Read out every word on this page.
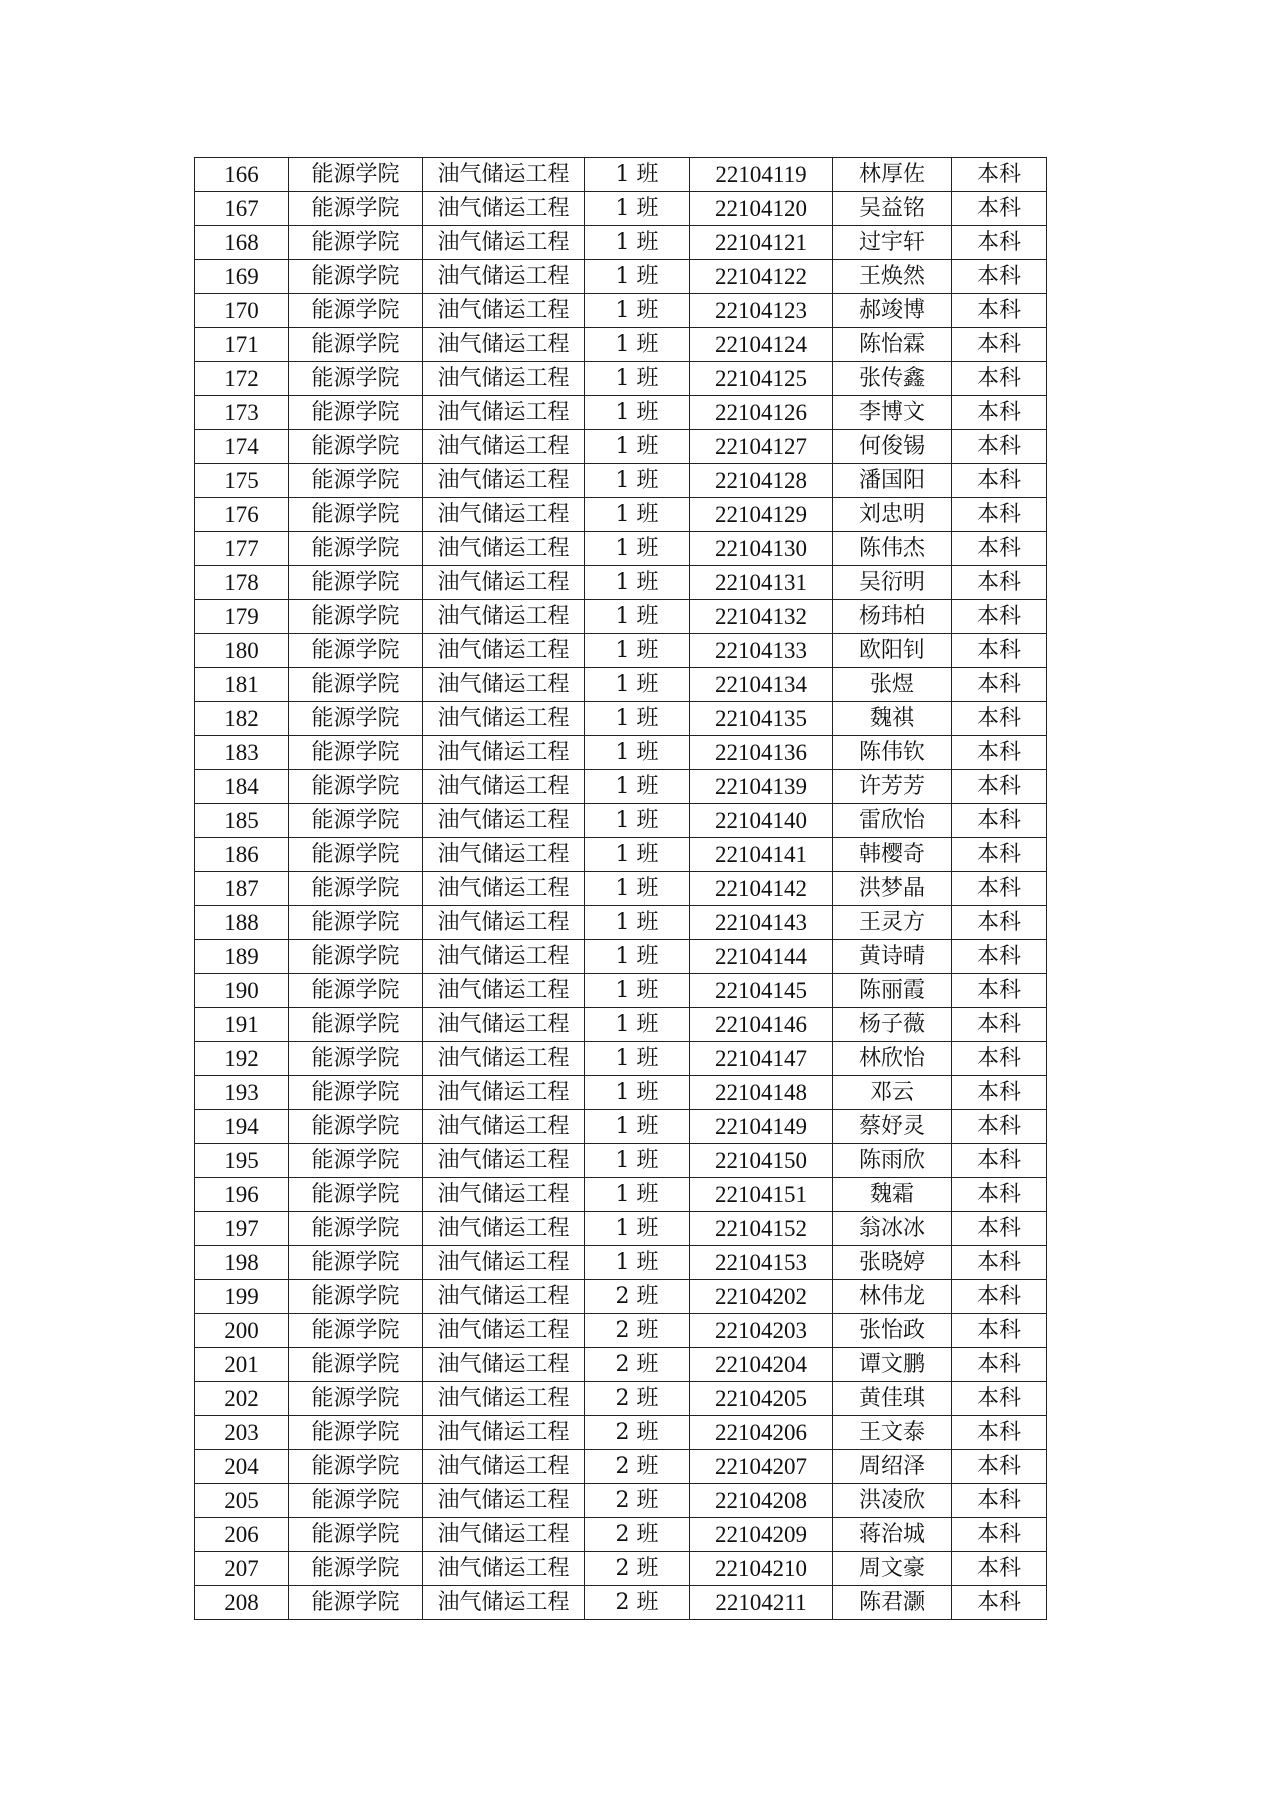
166	能源学院	油气储运工程	1 班	22104119	林厚佐	本科
167	能源学院	油气储运工程	1 班	22104120	吴益铭	本科
168	能源学院	油气储运工程	1 班	22104121	过宇轩	本科
169	能源学院	油气储运工程	1 班	22104122	王焕然	本科
170	能源学院	油气储运工程	1 班	22104123	郝竣博	本科
171	能源学院	油气储运工程	1 班	22104124	陈怡霖	本科
172	能源学院	油气储运工程	1 班	22104125	张传鑫	本科
173	能源学院	油气储运工程	1 班	22104126	李博文	本科
174	能源学院	油气储运工程	1 班	22104127	何俊锡	本科
175	能源学院	油气储运工程	1 班	22104128	潘国阳	本科
176	能源学院	油气储运工程	1 班	22104129	刘忠明	本科
177	能源学院	油气储运工程	1 班	22104130	陈伟杰	本科
178	能源学院	油气储运工程	1 班	22104131	吴衍明	本科
179	能源学院	油气储运工程	1 班	22104132	杨玮柏	本科
180	能源学院	油气储运工程	1 班	22104133	欧阳钊	本科
181	能源学院	油气储运工程	1 班	22104134	张煜	本科
182	能源学院	油气储运工程	1 班	22104135	魏祺	本科
183	能源学院	油气储运工程	1 班	22104136	陈伟钦	本科
184	能源学院	油气储运工程	1 班	22104139	许芳芳	本科
185	能源学院	油气储运工程	1 班	22104140	雷欣怡	本科
186	能源学院	油气储运工程	1 班	22104141	韩樱奇	本科
187	能源学院	油气储运工程	1 班	22104142	洪梦晶	本科
188	能源学院	油气储运工程	1 班	22104143	王灵方	本科
189	能源学院	油气储运工程	1 班	22104144	黄诗晴	本科
190	能源学院	油气储运工程	1 班	22104145	陈丽霞	本科
191	能源学院	油气储运工程	1 班	22104146	杨子薇	本科
192	能源学院	油气储运工程	1 班	22104147	林欣怡	本科
193	能源学院	油气储运工程	1 班	22104148	邓云	本科
194	能源学院	油气储运工程	1 班	22104149	蔡妤灵	本科
195	能源学院	油气储运工程	1 班	22104150	陈雨欣	本科
196	能源学院	油气储运工程	1 班	22104151	魏霜	本科
197	能源学院	油气储运工程	1 班	22104152	翁冰冰	本科
198	能源学院	油气储运工程	1 班	22104153	张晓婷	本科
199	能源学院	油气储运工程	2 班	22104202	林伟龙	本科
200	能源学院	油气储运工程	2 班	22104203	张怡政	本科
201	能源学院	油气储运工程	2 班	22104204	谭文鹏	本科
202	能源学院	油气储运工程	2 班	22104205	黄佳琪	本科
203	能源学院	油气储运工程	2 班	22104206	王文泰	本科
204	能源学院	油气储运工程	2 班	22104207	周绍泽	本科
205	能源学院	油气储运工程	2 班	22104208	洪凌欣	本科
206	能源学院	油气储运工程	2 班	22104209	蒋治城	本科
207	能源学院	油气储运工程	2 班	22104210	周文豪	本科
208	能源学院	油气储运工程	2 班	22104211	陈君灏	本科
